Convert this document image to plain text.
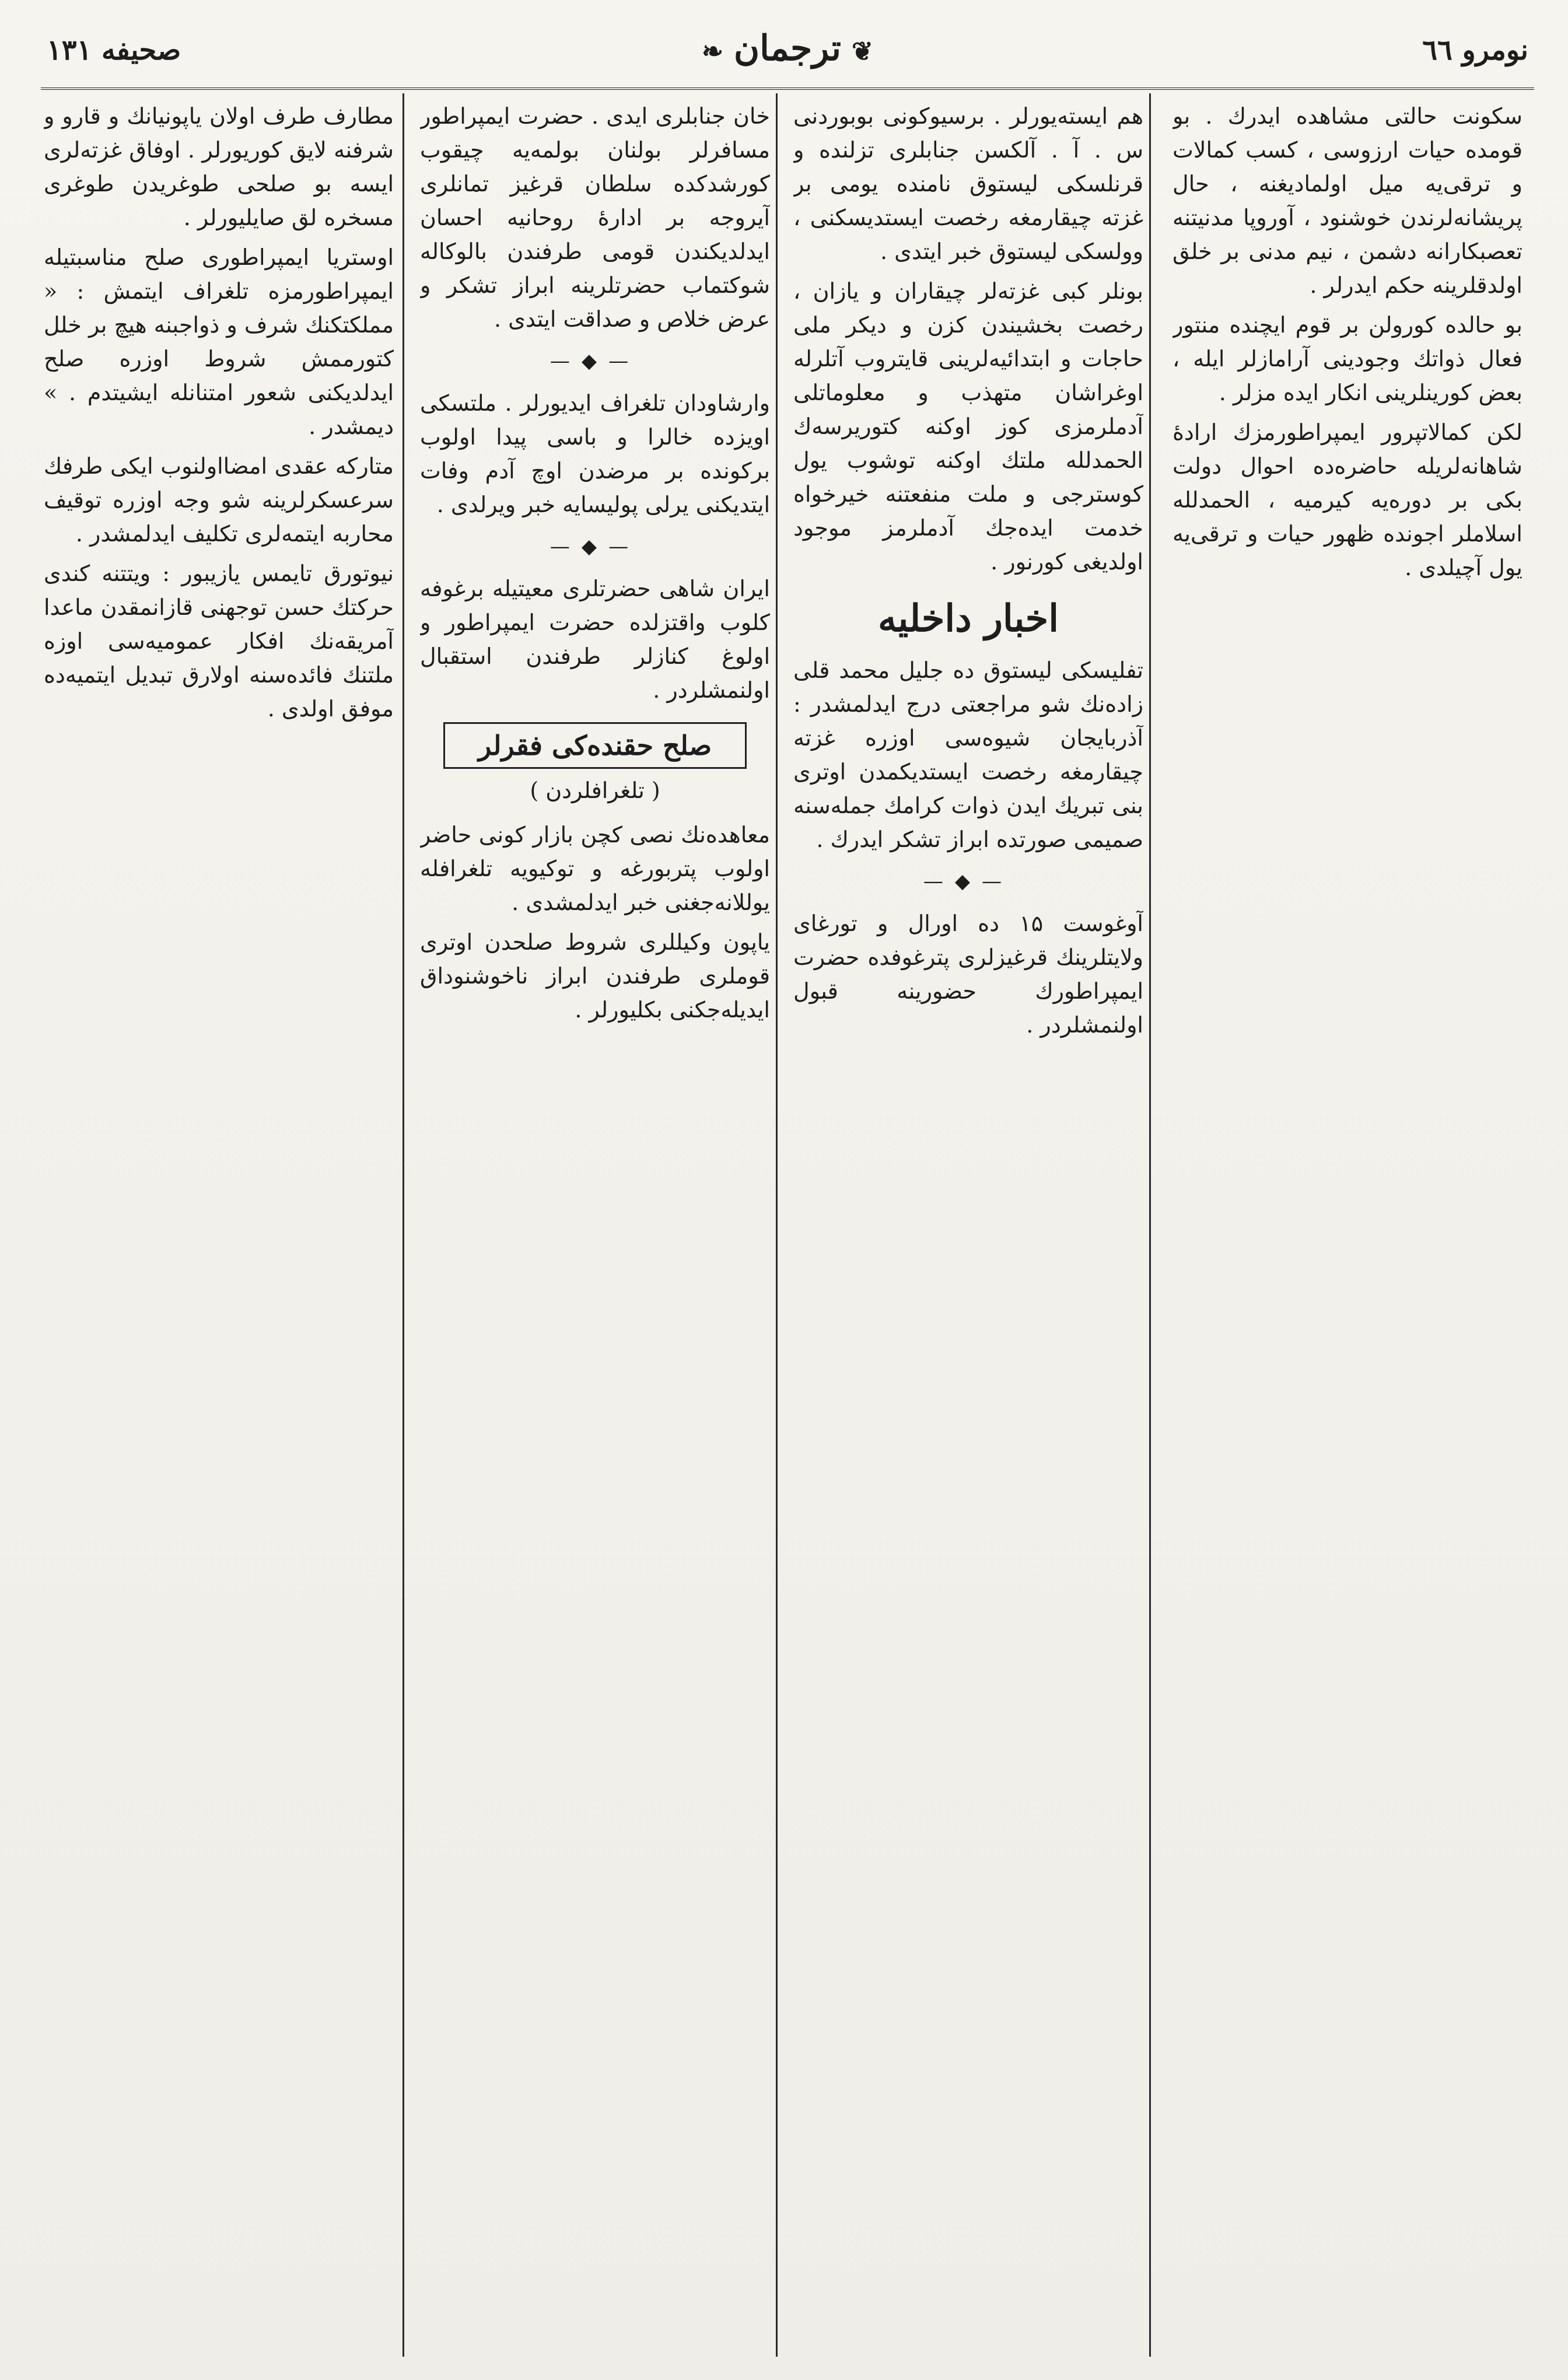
صحیفه ۱۳۱	❦ترجمان❧	نومرو ٦٦

سکونت حالتی مشاهده ایدرك . بو قومده حیات ارزوسی ، کسب کمالات و ترقی‌یه میل اولمادیغنه ، حال پریشانه‌لرندن خوشنود ، آوروپا مدنیتنه تعصبکارانه دشمن ، نیم مدنی بر خلق اولدقلرینه حکم ایدرلر .

بو حالده کورولن بر قوم ایچنده منتور فعال ذواتك وجودینی آرامازلر ایله ، بعض کورینلرینی انکار ایده مزلر .

لکن کمالاتپرور ایمپراطورمزك ارادهٔ شاهانه‌لریله حاضره‌ده احوال دولت بکی بر دوره‌یه کیرمیه ، الحمدلله اسلاملر اجونده ظهور حیات و ترقی‌یه یول آچیلدی .

هم ایسته‌یورلر . برسیوکونی بوبوردنی س . آ . آلکسن جنابلری تزلنده و قرنلسکی لیستوق نامنده یومی بر غزته چیقارمغه رخصت ایستدیسکنی ، وولسکی لیستوق خبر ایتدی .

بونلر کبی غزته‌لر چیقاران و یازان ، رخصت بخشیندن کزن و دیکر ملی حاجات و ابتدائیه‌لرینی قایتروب آتلرله اوغراشان متهذب و معلوماتلی آدملرمزی کوز اوکنه کتوریرسه‌ك الحمدلله ملتك اوکنه توشوب یول کوسترجی و ملت منفعتنه خیرخواه خدمت ایده‌جك آدملرمز موجود اولدیغی کورنور .

اخبار داخلیه

تفلیسکی لیستوق ده جلیل محمد قلی زاده‌نك شو مراجعتی درج ایدلمشدر : آذربایجان شیوه‌سی اوزره غزته چیقارمغه رخصت ایستدیکمدن اوتری بنی تبریك ایدن ذوات کرامك جمله‌سنه صمیمی صورتده ابراز تشکر ایدرك .

—◆—

آوغوست ۱۵ ده اورال و تورغای ولایتلرینك قرغیزلری پترغوفده حضرت ایمپراطورك حضورینه قبول اولنمشلردر .

خان جنابلری ایدی . حضرت ایمپراطور مسافرلر بولنان بولمه‌یه چیقوب کورشدکده سلطان قرغیز تمانلری آیروجه بر ادارهٔ روحانیه احسان ایدلدیکندن قومی طرفندن بالوکاله شوکتماب حضرتلرینه ابراز تشکر و عرض خلاص و صداقت ایتدی .

—◆—

وارشاودان تلغراف ایدیورلر . ملتسکی اویزده خالرا و باسی پیدا اولوب برکونده بر مرضدن اوچ آدم وفات ایتدیکنی یرلی پولیسایه خبر ویرلدی .

—◆—

ایران شاهی حضرتلری معیتیله برغوفه کلوب واقتزلده حضرت ایمپراطور و اولوغ کنازلر طرفندن استقبال اولنمشلردر .

صلح حقنده‌کی فقرلر
( تلغرافلردن )

معاهده‌نك نصی کچن بازار کونی حاضر اولوب پتربورغه و توکیویه تلغرافله یوللانه‌جغنی خبر ایدلمشدی .

یاپون وکیللری شروط صلحدن اوتری قوملری طرفندن ابراز ناخوشنوداق ایدیله‌جکنی بکلیورلر .

مطارف طرف اولان یاپونیانك و قارو و شرفنه لایق کوریورلر . اوفاق غزته‌لری ایسه بو صلحی طوغریدن طوغری مسخره لق صایلیورلر .

اوستریا ایمپراطوری صلح مناسبتیله ایمپراطورمزه تلغراف ایتمش : « مملکتکنك شرف و ذواجبنه هیچ بر خلل کتورممش شروط اوزره صلح ایدلدیکنی شعور امتنانله ایشیتدم . » دیمشدر .

متارکه عقدی امضااولنوب ایکی طرفك سرعسکرلرینه شو وجه اوزره توقیف محاربه ایتمه‌لری تکلیف ایدلمشدر .

نیوتورق تایمس یازیبور : ویتتنه کندی حرکتك حسن توجهنی قازانمقدن ماعدا آمریقه‌نك افکار عمومیه‌سی اوزه ملتنك فائده‌سنه اولارق تبدیل ایتمیه‌ده موفق اولدی .
